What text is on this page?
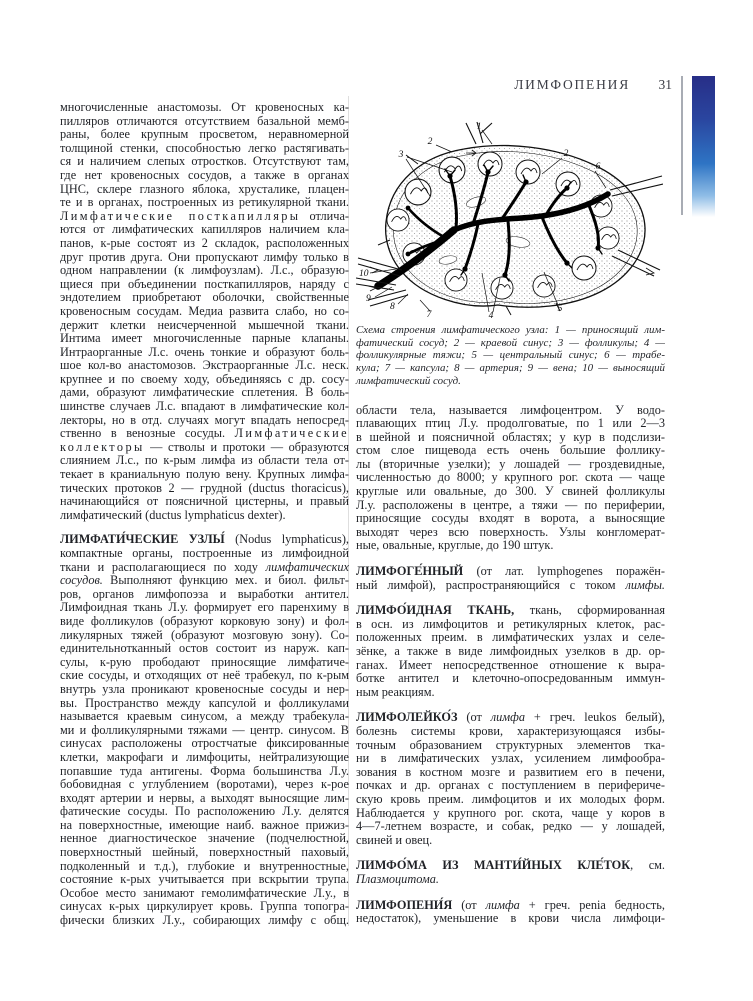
ЛИМФОПЕНИЯ 31
многочисленные анастомозы. От кровеносных ка-
пилляров отличаются отсутствием базальной мемб-
раны, более крупным просветом, неравномерной
толщиной стенки, способностью легко растягивать-
ся и наличием слепых отростков. Отсутствуют там,
где нет кровеносных сосудов, а также в органах
ЦНС, склере глазного яблока, хрусталике, плацен-
те и в органах, построенных из ретикулярной ткани.
Лимфатические посткапилляры отлича-
ются от лимфатических капилляров наличием кла-
панов, к-рые состоят из 2 складок, расположенных
друг против друга. Они пропускают лимфу только в
одном направлении (к лимфоузлам). Л.с., образую-
щиеся при объединении посткапилляров, наряду с
эндотелием приобретают оболочки, свойственные
кровеносным сосудам. Медиа развита слабо, но со-
держит клетки неисчерченной мышечной ткани.
Интима имеет многочисленные парные клапаны.
Интраорганные Л.с. очень тонкие и образуют боль-
шое кол-во анастомозов. Экстраорганные Л.с. неск.
крупнее и по своему ходу, объединяясь с др. сосу-
дами, образуют лимфатические сплетения. В боль-
шинстве случаев Л.с. впадают в лимфатические кол-
лекторы, но в отд. случаях могут впадать непосред-
ственно в венозные сосуды. Лимфатические
коллекторы — стволы и протоки — образуются
слиянием Л.с., по к-рым лимфа из области тела от-
текает в краниальную полую вену. Крупных лимфа-
тических протоков 2 — грудной (ductus thoracicus),
начинающийся от поясничной цистерны, и правый
лимфатический (ductus lymphaticus dexter).
ЛИМФАТИ́ЧЕСКИЕ УЗЛЫ́ (Nodus lymphaticus),
компактные органы, построенные из лимфоидной
ткани и располагающиеся по ходу лимфатических
сосудов. Выполняют функцию мех. и биол. фильт-
ров, органов лимфопоэза и выработки антител.
Лимфоидная ткань Л.у. формирует его паренхиму в
виде фолликулов (образуют корковую зону) и фол-
ликулярных тяжей (образуют мозговую зону). Со-
единительнотканный остов состоит из наруж. кап-
сулы, к-рую прободают приносящие лимфатиче-
ские сосуды, и отходящих от неё трабекул, по к-рым
внутрь узла проникают кровеносные сосуды и нер-
вы. Пространство между капсулой и фолликулами
называется краевым синусом, а между трабекула-
ми и фолликулярными тяжами — центр. синусом. В
синусах расположены отростчатые фиксированные
клетки, макрофаги и лимфоциты, нейтрализующие
попавшие туда антигены. Форма большинства Л.у.
бобовидная с углублением (воротами), через к-рое
входят артерии и нервы, а выходят выносящие лим-
фатические сосуды. По расположению Л.у. делятся
на поверхностные, имеющие наиб. важное прижиз-
ненное диагностическое значение (подчелюстной,
поверхностный шейный, поверхностный паховый,
подколенный и т.д.), глубокие и внутренностные,
состояние к-рых учитывается при вскрытии трупа.
Особое место занимают гемолимфатические Л.у., в
синусах к-рых циркулирует кровь. Группа топогра-
фически близких Л.у., собирающих лимфу с общ.
1
2
3	2
6
10
9
8
7	4
5
Схема строения лимфатического узла: 1 — приносящий лим-
фатический сосуд; 2 — краевой синус; 3 — фолликулы; 4 —
фолликулярные тяжи; 5 — центральный синус; 6 — трабе-
кула; 7 — капсула; 8 — артерия; 9 — вена; 10 — выносящий
лимфатический сосуд.
области тела, называется лимфоцентром. У водо-
плавающих птиц Л.у. продолговатые, по 1 или 2—3
в шейной и поясничной областях; у кур в подслизи-
стом слое пищевода есть очень большие фоллику-
лы (вторичные узелки); у лошадей — гроздевидные,
численностью до 8000; у крупного рог. скота — чаще
круглые или овальные, до 300. У свиней фолликулы
Л.у. расположены в центре, а тяжи — по периферии,
приносящие сосуды входят в ворота, а выносящие
выходят через всю поверхность. Узлы конгломерат-
ные, овальные, круглые, до 190 штук.
ЛИМФОГЕ́ННЫЙ (от лат. lymphogenes поражён-
ный лимфой), распространяющийся с током лимфы.
ЛИМФО́ИДНАЯ ТКАНЬ, ткань, сформированная
в осн. из лимфоцитов и ретикулярных клеток, рас-
положенных преим. в лимфатических узлах и селе-
зёнке, а также в виде лимфоидных узелков в др. ор-
ганах. Имеет непосредственное отношение к выра-
ботке антител и клеточно-опосредованным иммун-
ным реакциям.
ЛИМФОЛЕЙКО́З (от лимфа + греч. leukos белый),
болезнь системы крови, характеризующаяся избы-
точным образованием структурных элементов тка-
ни в лимфатических узлах, усилением лимфообра-
зования в костном мозге и развитием его в печени,
почках и др. органах с поступлением в перифериче-
скую кровь преим. лимфоцитов и их молодых форм.
Наблюдается у крупного рог. скота, чаще у коров в
4—7-летнем возрасте, и собак, редко — у лошадей,
свиней и овец.
ЛИМФО́МА ИЗ МАНТИ́ЙНЫХ КЛЕ́ТОК, см.
Плазмоцитома.
ЛИМФОПЕНИ́Я (от лимфа + греч. penia бедность,
недостаток), уменьшение в крови числа лимфоци-
